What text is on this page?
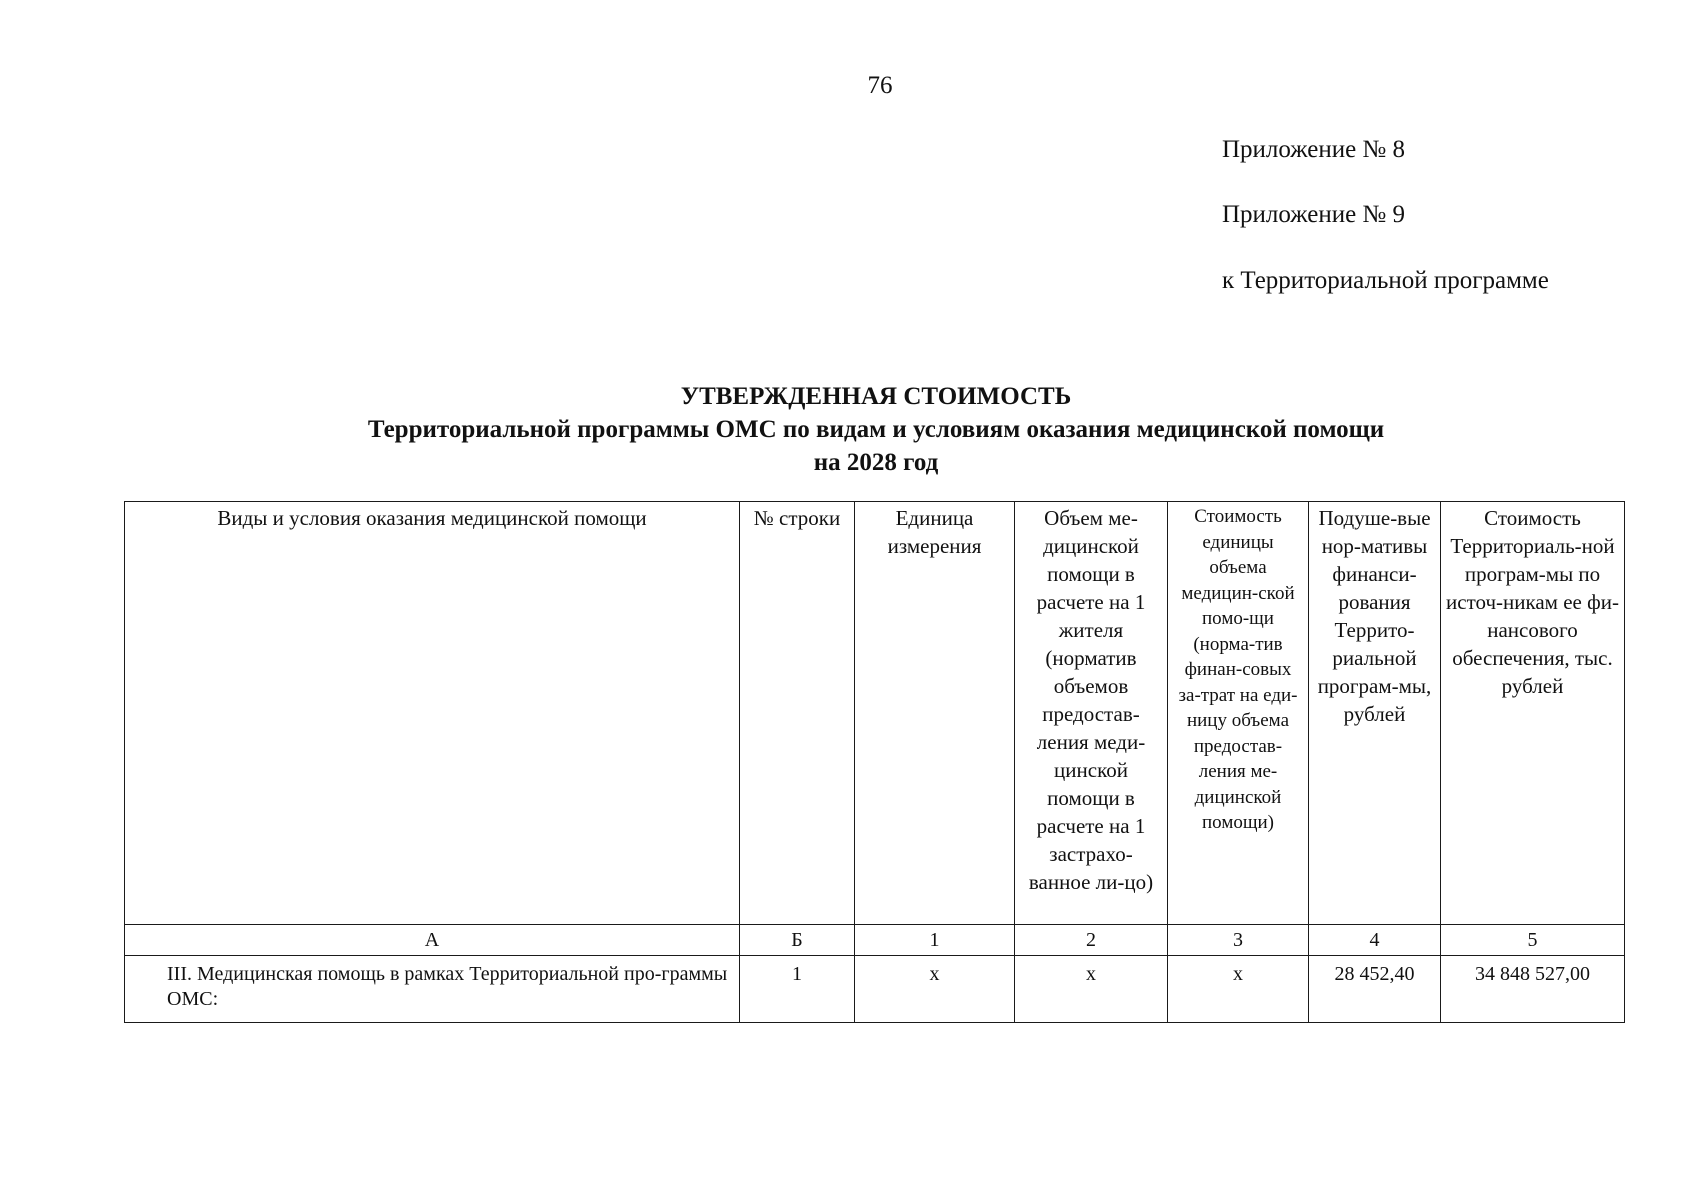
76
Приложение № 8
Приложение № 9
к Территориальной программе
УТВЕРЖДЕННАЯ СТОИМОСТЬ
Территориальной программы ОМС по видам и условиям оказания медицинской помощи
на 2028 год
Виды и условия оказания медицинской помощи	№ строки	Единица измерения	Объем ме-дицинской помощи в расчете на 1 жителя (норматив объемов предостав-ления меди-цинской помощи в расчете на 1 застрахо-ванное ли-цо)	Стоимость единицы объема медицин-ской помо-щи (норма-тив финан-совых за-трат на еди-ницу объема предостав-ления ме-дицинской помощи)	Подуше-вые нор-мативы финанси-рования Террито-риальной програм-мы, рублей	Стоимость Территориаль-ной програм-мы по источ-никам ее фи-нансового обеспечения, тыс. рублей
А	Б	1	2	3	4	5
III. Медицинская помощь в рамках Территориальной про-граммы ОМС:	1	х	х	х	28 452,40	34 848 527,00
